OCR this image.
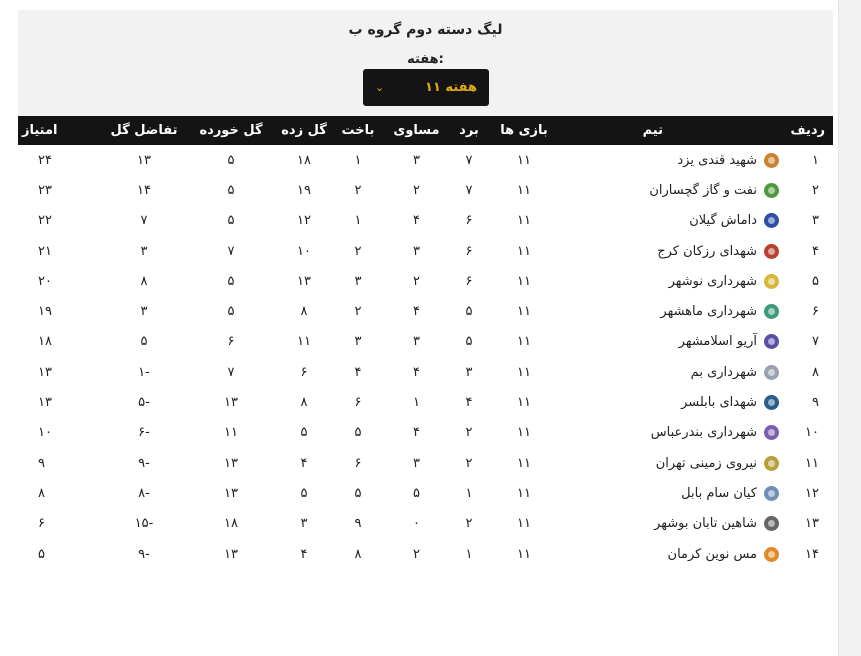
لیگ دسته دوم گروه ب
هفته:
⌄	هفته ۱۱
ردیف	تیم	بازی ها	برد	مساوی	باخت	گل زده	گل خورده	تفاضل گل	امتیاز
۱	شهید قندی یزد	۱۱	۷	۳	۱	۱۸	۵	۱۳	۲۴
۲	نفت و گاز گچساران	۱۱	۷	۲	۲	۱۹	۵	۱۴	۲۳
۳	داماش گیلان	۱۱	۶	۴	۱	۱۲	۵	۷	۲۲
۴	شهدای رزکان کرج	۱۱	۶	۳	۲	۱۰	۷	۳	۲۱
۵	شهرداری نوشهر	۱۱	۶	۲	۳	۱۳	۵	۸	۲۰
۶	شهرداری ماهشهر	۱۱	۵	۴	۲	۸	۵	۳	۱۹
۷	آریو اسلامشهر	۱۱	۵	۳	۳	۱۱	۶	۵	۱۸
۸	شهرداری بم	۱۱	۳	۴	۴	۶	۷	-۱	۱۳
۹	شهدای بابلسر	۱۱	۴	۱	۶	۸	۱۳	-۵	۱۳
۱۰	شهرداری بندرعباس	۱۱	۲	۴	۵	۵	۱۱	-۶	۱۰
۱۱	نیروی زمینی تهران	۱۱	۲	۳	۶	۴	۱۳	-۹	۹
۱۲	کیان سام بابل	۱۱	۱	۵	۵	۵	۱۳	-۸	۸
۱۳	شاهین تابان بوشهر	۱۱	۲	۰	۹	۳	۱۸	-۱۵	۶
۱۴	مس نوین کرمان	۱۱	۱	۲	۸	۴	۱۳	-۹	۵
